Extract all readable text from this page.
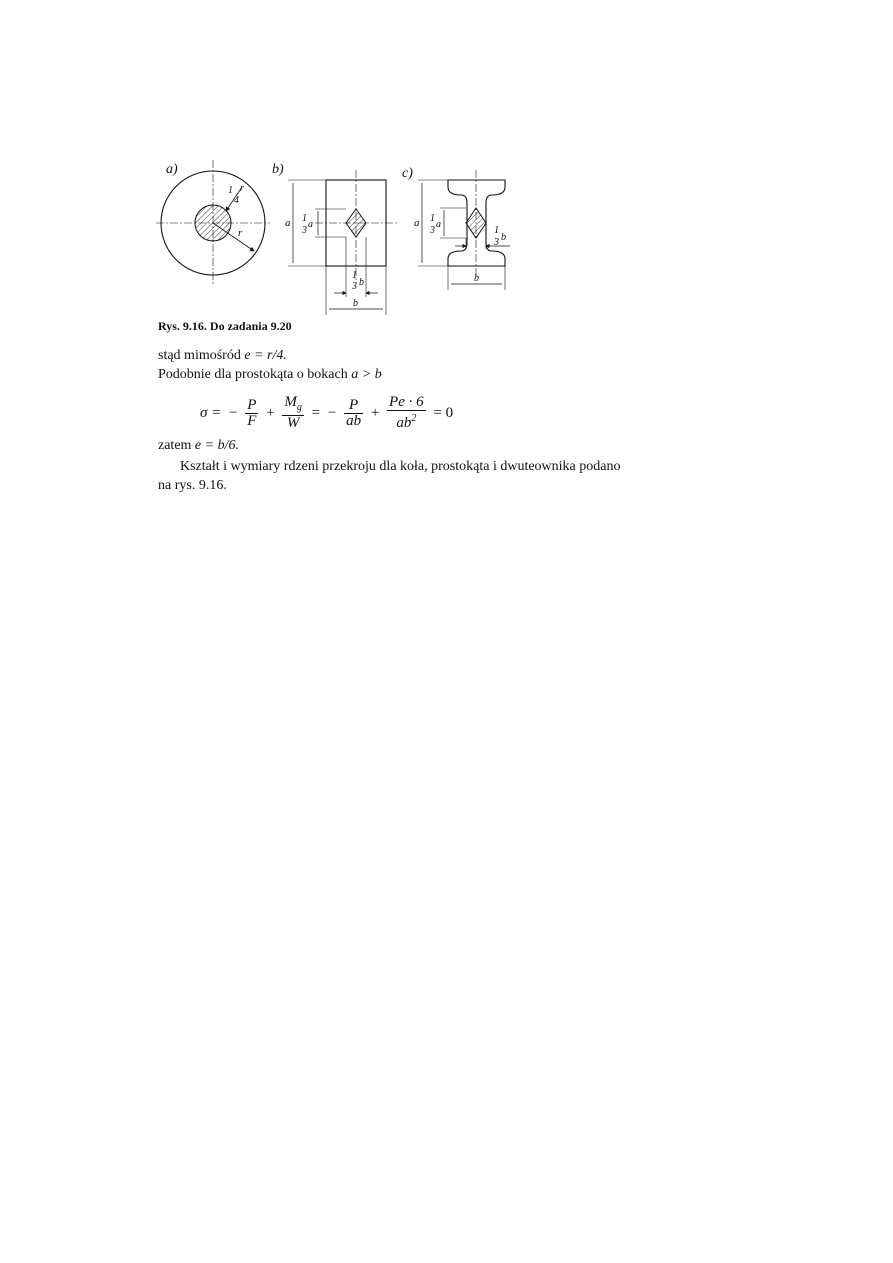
a)
r
1
4
r
b)
a 1
3
a
1
3 b
b
c)
a 1
3
a
1
3 b
b
Rys. 9.16. Do zadania 9.20
stąd mimośród e = r/4.
Podobnie dla prostokąta o bokach a > b
σ = − $\frac{P}{F} + \frac{M_g}{W}$ = − $\frac{P}{ab} + \frac{Pe \cdot 6}{ab^2} = 0$
zatem e = b/6.
Kształt i wymiary rdzeni przekroju dla koła, prostokąta i dwuteownika podano
na rys. 9.16.
